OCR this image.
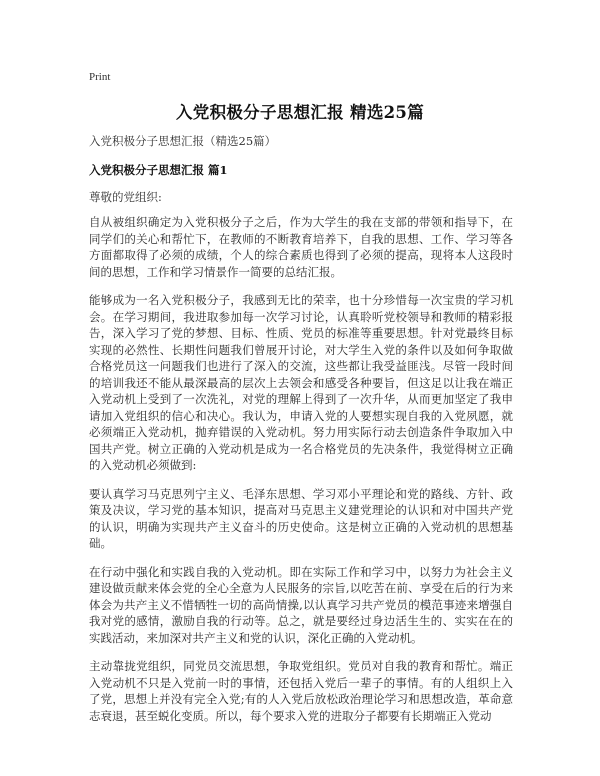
Print
入党积极分子思想汇报 精选25篇
入党积极分子思想汇报（精选25篇）
入党积极分子思想汇报 篇1
尊敬的党组织:

自从被组织确定为入党积极分子之后，作为大学生的我在支部的带领和指导下，在同学们的关心和帮忙下，在教师的不断教育培养下，自我的思想、工作、学习等各方面都取得了必须的成绩，个人的综合素质也得到了必须的提高，现将本人这段时间的思想，工作和学习情景作一简要的总结汇报。

能够成为一名入党积极分子，我感到无比的荣幸，也十分珍惜每一次宝贵的学习机会。在学习期间，我进取参加每一次学习讨论，认真聆听党校领导和教师的精彩报告，深入学习了党的梦想、目标、性质、党员的标准等重要思想。针对党最终目标实现的必然性、长期性问题我们曾展开讨论，对大学生入党的条件以及如何争取做合格党员这一问题我们也进行了深入的交流，这些都让我受益匪浅。尽管一段时间的培训我还不能从最深最高的层次上去领会和感受各种要旨，但这足以让我在端正入党动机上受到了一次洗礼，对党的理解上得到了一次升华，从而更加坚定了我申请加入党组织的信心和决心。我认为，申请入党的人要想实现自我的入党夙愿，就必须端正入党动机，抛弃错误的入党动机。努力用实际行动去创造条件争取加入中国共产党。树立正确的入党动机是成为一名合格党员的先决条件，我觉得树立正确的入党动机必须做到:

要认真学习马克思列宁主义、毛泽东思想、学习邓小平理论和党的路线、方针、政策及决议，学习党的基本知识，提高对马克思主义建党理论的认识和对中国共产党的认识，明确为实现共产主义奋斗的历史使命。这是树立正确的入党动机的思想基础。

在行动中强化和实践自我的入党动机。即在实际工作和学习中，以努力为社会主义建设做贡献来体会党的全心全意为人民服务的宗旨,以吃苦在前、享受在后的行为来体会为共产主义不惜牺牲一切的高尚情操,以认真学习共产党员的模范事迹来增强自我对党的感情，激励自我的行动等。总之，就是要经过身边活生生的、实实在在的实践活动，来加深对共产主义和党的认识，深化正确的入党动机。

主动靠拢党组织，同党员交流思想，争取党组织。党员对自我的教育和帮忙。端正入党动机不只是入党前一时的事情，还包括入党后一辈子的事情。有的人组织上入了党，思想上并没有完全入党;有的人入党后放松政治理论学习和思想改造，革命意志衰退，甚至蜕化变质。所以，每个要求入党的进取分子都要有长期端正入党动
